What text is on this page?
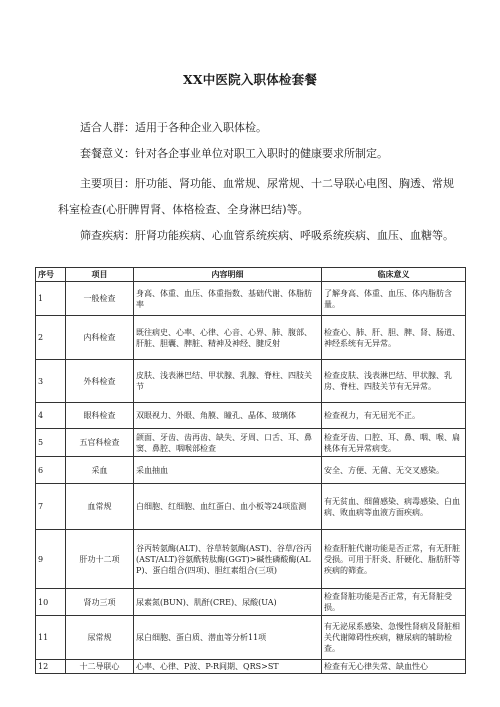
XX中医院入职体检套餐

适合人群：适用于各种企业入职体检。

套餐意义：针对各企事业单位对职工入职时的健康要求所制定。

主要项目：肝功能、肾功能、血常规、尿常规、十二导联心电图、胸透、常规科室检查(心肝脾胃肾、体格检查、全身淋巴结)等。

筛查疾病：肝肾功能疾病、心血管系统疾病、呼吸系统疾病、血压、血糖等。

序号	项目	内容明细	临床意义
1	一般检查	身高、体重、血压、体重指数、基础代谢、体脂肪率	了解身高、体重、血压、体内脂肪含量。
2	内科检查	既往病史、心率、心律、心音、心界、肺、腹部、肝脏、胆囊、脾脏、精神及神经、腱反射	检查心、肺、肝、胆、脾、肾、肠道、神经系统有无异常。
3	外科检查	皮肤、浅表淋巴结、甲状腺、乳腺、脊柱、四肢关节	检查皮肤、浅表淋巴结、甲状腺、乳房、脊柱、四肢关节有无异常。
4	眼科检查	双眼视力、外眼、角膜、瞳孔、晶体、玻璃体	检查视力，有无屈光不正。
5	五官科检查	颌面、牙齿、齿再齿、缺失、牙周、口舌、耳、鼻窦、鼻腔、咽喉部检查	检查牙齿、口腔、耳、鼻、咽、喉、扁桃体有无异常病变。
6	采血	采血抽血	安全、方便、无菌、无交叉感染。
7	血常规	白细胞、红细胞、血红蛋白、血小板等24项监测	有无贫血、细菌感染、病毒感染、白血病、败血病等血液方面疾病。
9	肝功十二项	谷丙转氨酶(ALT)、谷草转氨酶(AST)、谷草/谷丙(AST/ALT)谷氨酰转肽酶(GGT)>碱性磷酸酶(ALP)、蛋白组合(四项)、胆红素组合(三项)	检查肝脏代谢功能是否正常，有无肝脏受损。可用于肝炎、肝硬化、脂肪肝等疾病的筛查。
10	肾功三项	尿素氮(BUN)、肌酐(CRE)、尿酸(UA)	检查肾脏功能是否正常，有无肾脏受损。
11	尿常规	尿白细胞、蛋白质、潜血等分析11项	有无泌尿系感染、急慢性肾病及肾脏相关代谢障碍性疾病，糖尿病的辅助检查。
12	十二导联心	心率、心律、P波、P-R间期、QRS>ST	检查有无心律失常、缺血性心
